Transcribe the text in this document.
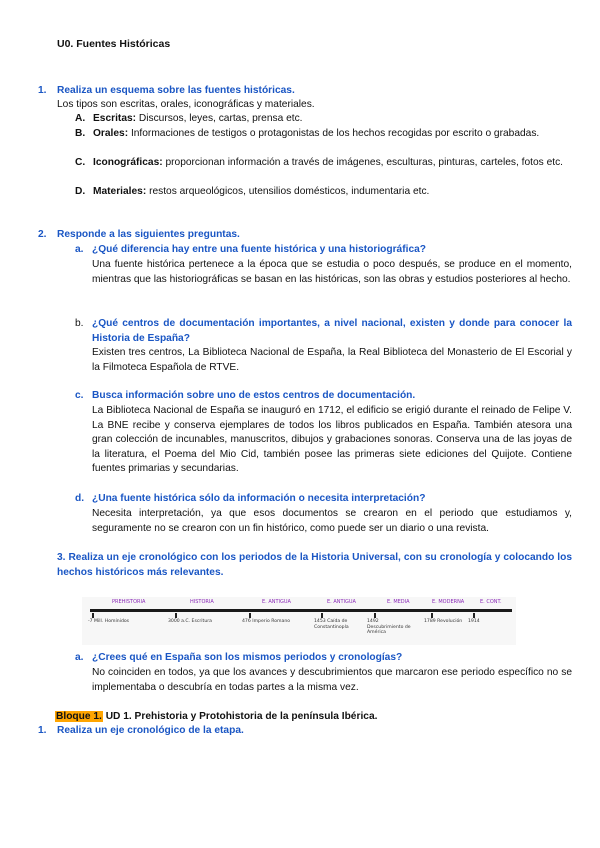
U0. Fuentes Históricas
1. Realiza un esquema sobre las fuentes históricas.
Los tipos son escritas, orales, iconográficas y materiales.
A. Escritas: Discursos, leyes, cartas, prensa etc.
B. Orales: Informaciones de testigos o protagonistas de los hechos recogidas por escrito o grabadas.
C. Iconográficas: proporcionan información a través de imágenes, esculturas, pinturas, carteles, fotos etc.
D. Materiales: restos arqueológicos, utensilios domésticos, indumentaria etc.
2. Responde a las siguientes preguntas.
a. ¿Qué diferencia hay entre una fuente histórica y una historiográfica?
Una fuente histórica pertenece a la época que se estudia o poco después, se produce en el momento, mientras que las historiográficas se basan en las históricas, son las obras y estudios posteriores al hecho.
b. ¿Qué centros de documentación importantes, a nivel nacional, existen y donde para conocer la Historia de España?
Existen tres centros, La Biblioteca Nacional de España, la Real Biblioteca del Monasterio de El Escorial y la Filmoteca Española de RTVE.
c. Busca información sobre uno de estos centros de documentación.
La Biblioteca Nacional de España se inauguró en 1712, el edificio se erigió durante el reinado de Felipe V. La BNE recibe y conserva ejemplares de todos los libros publicados en España. También atesora una gran colección de incunables, manuscritos, dibujos y grabaciones sonoras. Conserva una de las joyas de la literatura, el Poema del Mio Cid, también posee las primeras siete ediciones del Quijote. Contiene fuentes primarias y secundarias.
d. ¿Una fuente histórica sólo da información o necesita interpretación?
Necesita interpretación, ya que esos documentos se crearon en el periodo que estudiamos y, seguramente no se crearon con un fin histórico, como puede ser un diario o una revista.
3. Realiza un eje cronológico con los periodos de la Historia Universal, con su cronología y colocando los hechos históricos más relevantes.
PREHISTORIA	HISTORIA	E. ANTIGUA	E. ANTIGUA	E. MEDIA	E. MODERNA	E. CONT.
-7 Mill. Homínidos	3000 a.C. Escritura	476 Imperio Romano	1453 Caída de Constantinopla
1492 Descubrimiento de América
1789 Revolución	1914
a. ¿Crees qué en España son los mismos periodos y cronologías?
No coinciden en todos, ya que los avances y descubrimientos que marcaron ese periodo específico no se implementaba o descubría en todas partes a la misma vez.
Bloque 1. UD 1. Prehistoria y Protohistoria de la península Ibérica.
1. Realiza un eje cronológico de la etapa.
